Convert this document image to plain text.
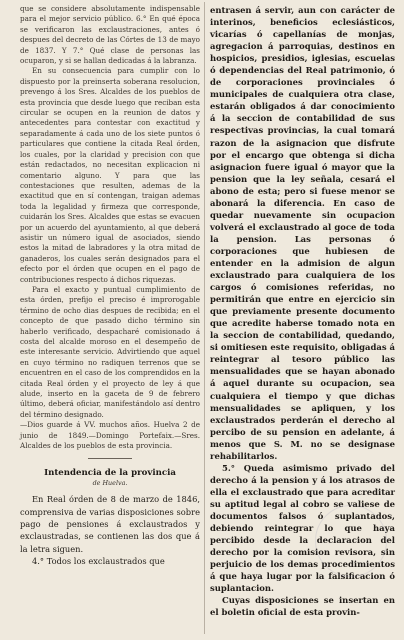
que se considere absolutamente indispensable para el mejor servicio público. 6.° En qué época se verificaron las exclaustraciones, antes ó despues del decreto de las Córtes de 13 de mayo de 1837. Y 7.° Qué clase de personas las ocuparon, y si se hallan dedicadas á la labranza.

En su consecuencia para cumplir con lo dispuesto por la preinserta soberana resolucion, prevengo á los Sres. Alcaldes de los pueblos de esta provincia que desde luego que reciban esta circular se ocupen en la reunion de datos y antecedentes para contestar con exactitud y separadamente á cada uno de los siete puntos ó particulares que contiene la citada Real órden, los cuales, por la claridad y precision con que están redactados, no necesitan explicacion ni comentario alguno. Y para que las contestaciones que resulten, ademas de la exactitud que en sí contengan, traigan ademas toda la legalidad y firmeza que corresponde, cuidarán los Sres. Alcaldes que estas se evacuen por un acuerdo del ayuntamiento, al que deberá asistir un número igual de asociados, siendo estos la mitad de labradores y la otra mitad de ganaderos, los cuales serán designados para el efecto por el órden que ocupen en el pago de contribuciones respecto á dichos riquezas.

Para el exacto y puntual cumplimiento de esta órden, prefijo el preciso é improrogable término de ocho dias despues de recibida; en el concepto de que pasado dicho término sin haberlo verificado, despacharé comisionado á costa del alcalde moroso en el desempeño de este interesante servicio. Advirtiendo que aquel en cuyo término no radiquen terrenos que se encuentren en el caso de los comprendidos en la citada Real órden y el proyecto de ley á que alude, inserto en la gaceta de 9 de febrero último, deberá oficiar, manifestándolo así dentro del término designado.

—Dios guarde á VV. muchos años. Huelva 2 de junio de 1849.—Domingo Portefaix.—Sres. Alcaldes de los pueblos de esta provincia.

Intendencia de la provincia
de Huelva.

En Real órden de 8 de marzo de 1846, comprensiva de varias disposiciones sobre pago de pensiones á exclaustrados y exclaustradas, se contienen las dos que á la letra siguen.

4.° Todos los exclaustrados que

entrasen á servir, aun con carácter de interinos, beneficios eclesiásticos, vicarías ó capellanías de monjas, agregacion á parroquias, destinos en hospicios, presidios, iglesias, escuelas ó dependencias del Real patrimonio, ó de corporaciones provinciales ó municipales de cualquiera otra clase, estarán obligados á dar conocimiento á la seccion de contabilidad de sus respectivas provincias, la cual tomará razon de la asignacion que disfrute por el encargo que obtenga si dicha asignacion fuere igual ó mayor que la pension que la ley señala, cesará el abono de esta; pero si fuese menor se abonará la diferencia. En caso de quedar nuevamente sin ocupacion volverá el exclaustrado al goce de toda la pension. Las personas ó corporaciones que hubiesen de entender en la admision de algun exclaustrado para cualquiera de los cargos ó comisiones referidas, no permitirán que entre en ejercicio sin que previamente presente documento que acredite haberse tomado nota en la seccion de contabilidad, quedando, si omitiesen este requisito, obligadas á reintegrar al tesoro público las mensualidades que se hayan abonado á aquel durante su ocupacion, sea cualquiera el tiempo y que dichas mensualidades se apliquen, y los exclaustrados perderán el derecho al percibo de su pension en adelante, á menos que S. M. no se designase rehabilitarlos.

5.° Queda asimismo privado del derecho á la pension y á los atrasos de ella el exclaustrado que para acreditar su aptitud legal al cobro se valiese de documentos falsos ó suplantados, debiendo reintegrar lo que haya percibido desde la declaracion del derecho por la comision revisora, sin perjuicio de los demas procedimientos á que haya lugar por la falsificacion ó suplantacion.

Cuyas disposiciones se insertan en el boletin oficial de esta provin-
